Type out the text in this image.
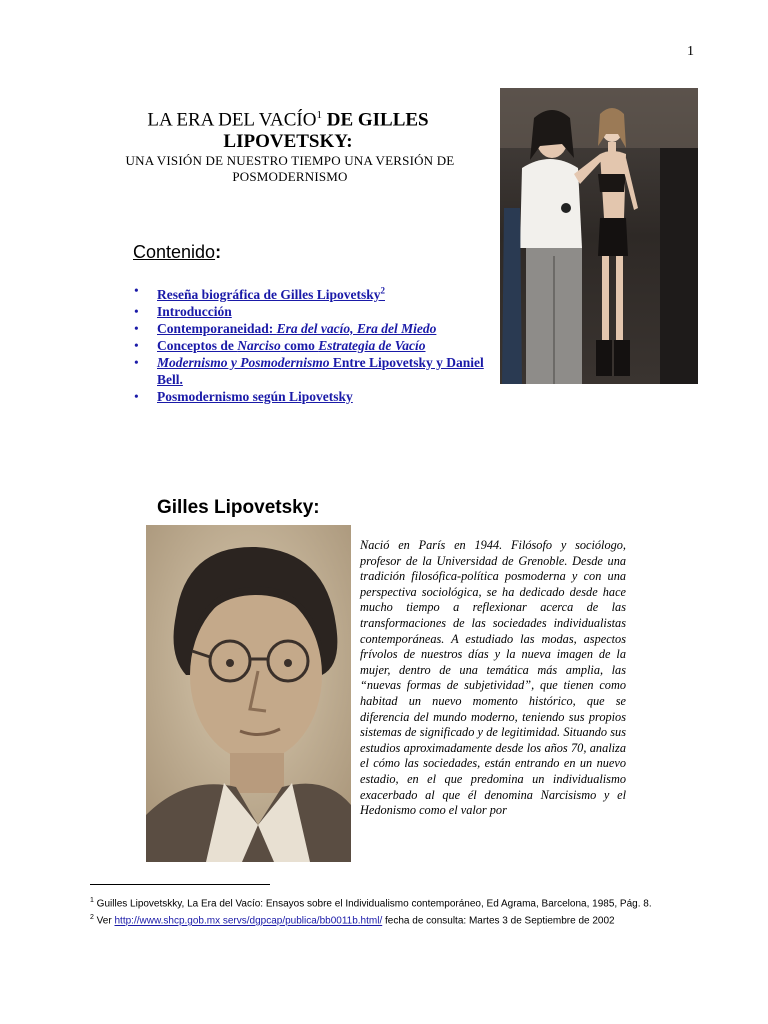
1
LA ERA DEL VACÍO$^1$ DE GILLES LIPOVETSKY:
UNA VISIÓN DE NUESTRO TIEMPO UNA VERSIÓN DE POSMODERNISMO
Contenido:
• Reseña biográfica de Gilles Lipovetsky$^2$
• Introducción
• Contemporaneidad: Era del vacío, Era del Miedo
• Conceptos de Narciso como Estrategia de Vacío
• Modernismo y Posmodernismo Entre Lipovetsky y Daniel Bell.
• Posmodernismo según Lipovetsky
Gilles Lipovetsky:
Nació en París en 1944. Filósofo y sociólogo, profesor de la Universidad de Grenoble. Desde una tradición filosófica-política posmoderna y con una perspectiva sociológica, se ha dedicado desde hace mucho tiempo a reflexionar acerca de las transformaciones de las sociedades individualistas contemporáneas. A estudiado las modas, aspectos frívolos de nuestros días y la nueva imagen de la mujer, dentro de una temática más amplia, las “nuevas formas de subjetividad”, que tienen como habitad un nuevo momento histórico, que se diferencia del mundo moderno, teniendo sus propios sistemas de significado y de legitimidad. Situando sus estudios aproximadamente desde los años 70, analiza el cómo las sociedades, están entrando en un nuevo estadio, en el que predomina un individualismo exacerbado al que él denomina Narcisismo y el Hedonismo como el valor por
$^1$ Guilles Lipovetskky, La Era del Vacío: Ensayos sobre el Individualismo contemporáneo, Ed Agrama, Barcelona, 1985, Pág. 8.
$^2$ Ver http://www.shcp.gob.mx servs/dgpcap/publica/bb0011b.html/ fecha de consulta: Martes 3 de Septiembre de 2002
